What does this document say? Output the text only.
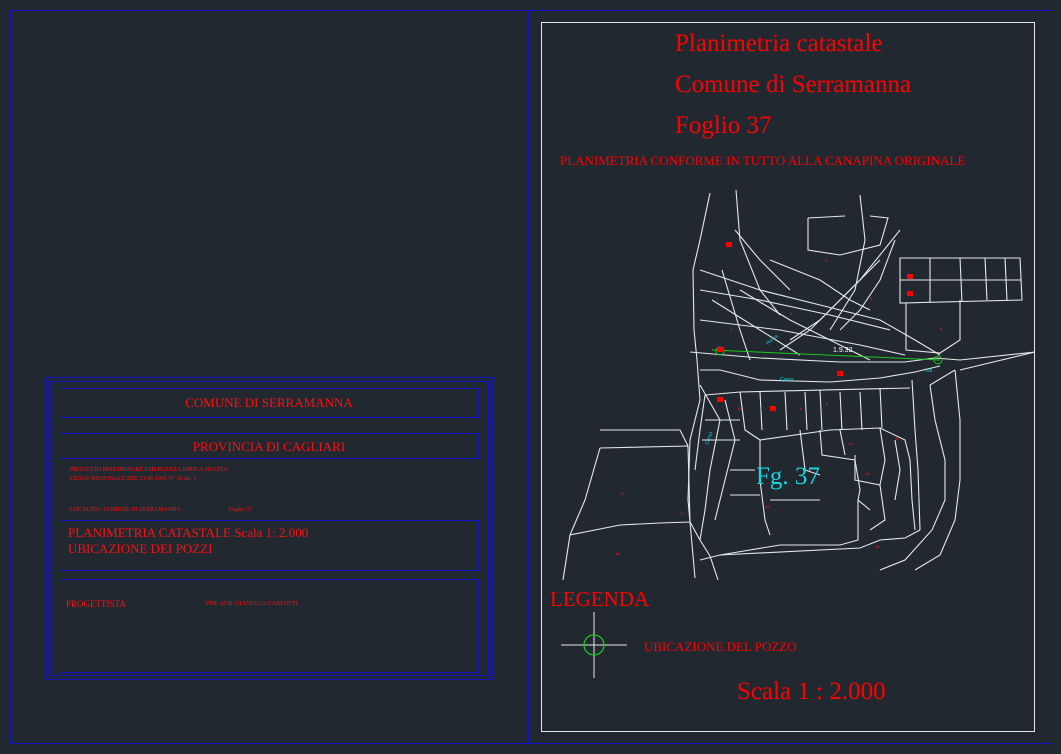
COMUNE DI SERRAMANNA
PROVINCIA DI CAGLIARI
PROGETTO PRELIMINARE EMERGENZA IDRICA SICCITA'
LEGGE REGIONALE DEL 21.06.1995 N° 16 art. 1
LOCALITA': COMUNE DI SERRAMANNA	Foglio 37
PLANIMETRIA CATASTALE Scala 1: 2.000
UBICAZIONE DEI POZZI
PROGETTISTA	PER. AGR. GIANLUCA CARLOTTI
Planimetria catastale
Comune di Serramanna
Foglio 37
PLANIMETRIA CONFORME IN TUTTO ALLA CANAPINA ORIGINALE
1
2
3
4
5
6
7	8
9
10
11
12
13
14
15
16
17
18
Roma
Corso
Via
Corso
1.9.32
Fg. 37
LEGENDA
UBICAZIONE DEL POZZO
Scala 1 : 2.000
